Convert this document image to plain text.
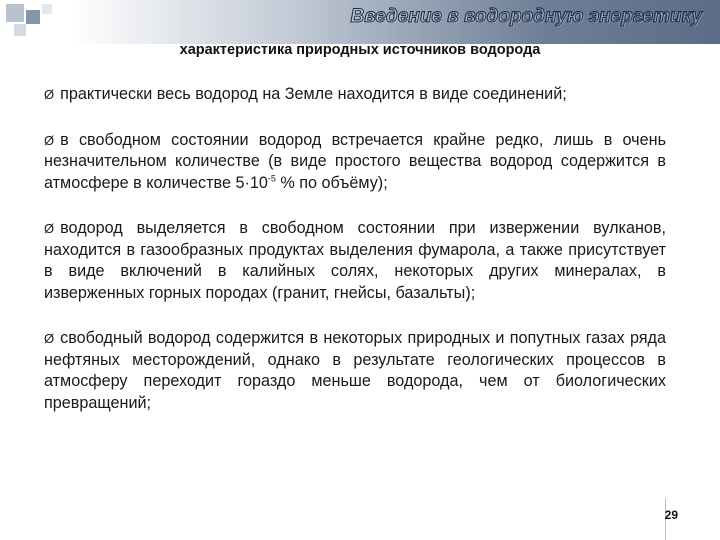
Введение в водородную энергетику
характеристика природных источников водорода

Ø практически весь водород на Земле находится в виде соединений;

Ø в свободном состоянии водород встречается крайне редко, лишь в очень незначительном количестве (в виде простого вещества водород содержится в атмосфере в количестве $5\cdot 10^{-5}$ % по объёму);

Ø водород выделяется в свободном состоянии при извержении вулканов, находится в газообразных продуктах выделения фумарола, а также присутствует в виде включений в калийных солях, некоторых других минералах, в изверженных горных породах (гранит, гнейсы, базальты);

Ø свободный водород содержится в некоторых природных и попутных газах ряда нефтяных месторождений, однако в результате геологических процессов в атмосферу переходит гораздо меньше водорода, чем от биологических превращений;

29
